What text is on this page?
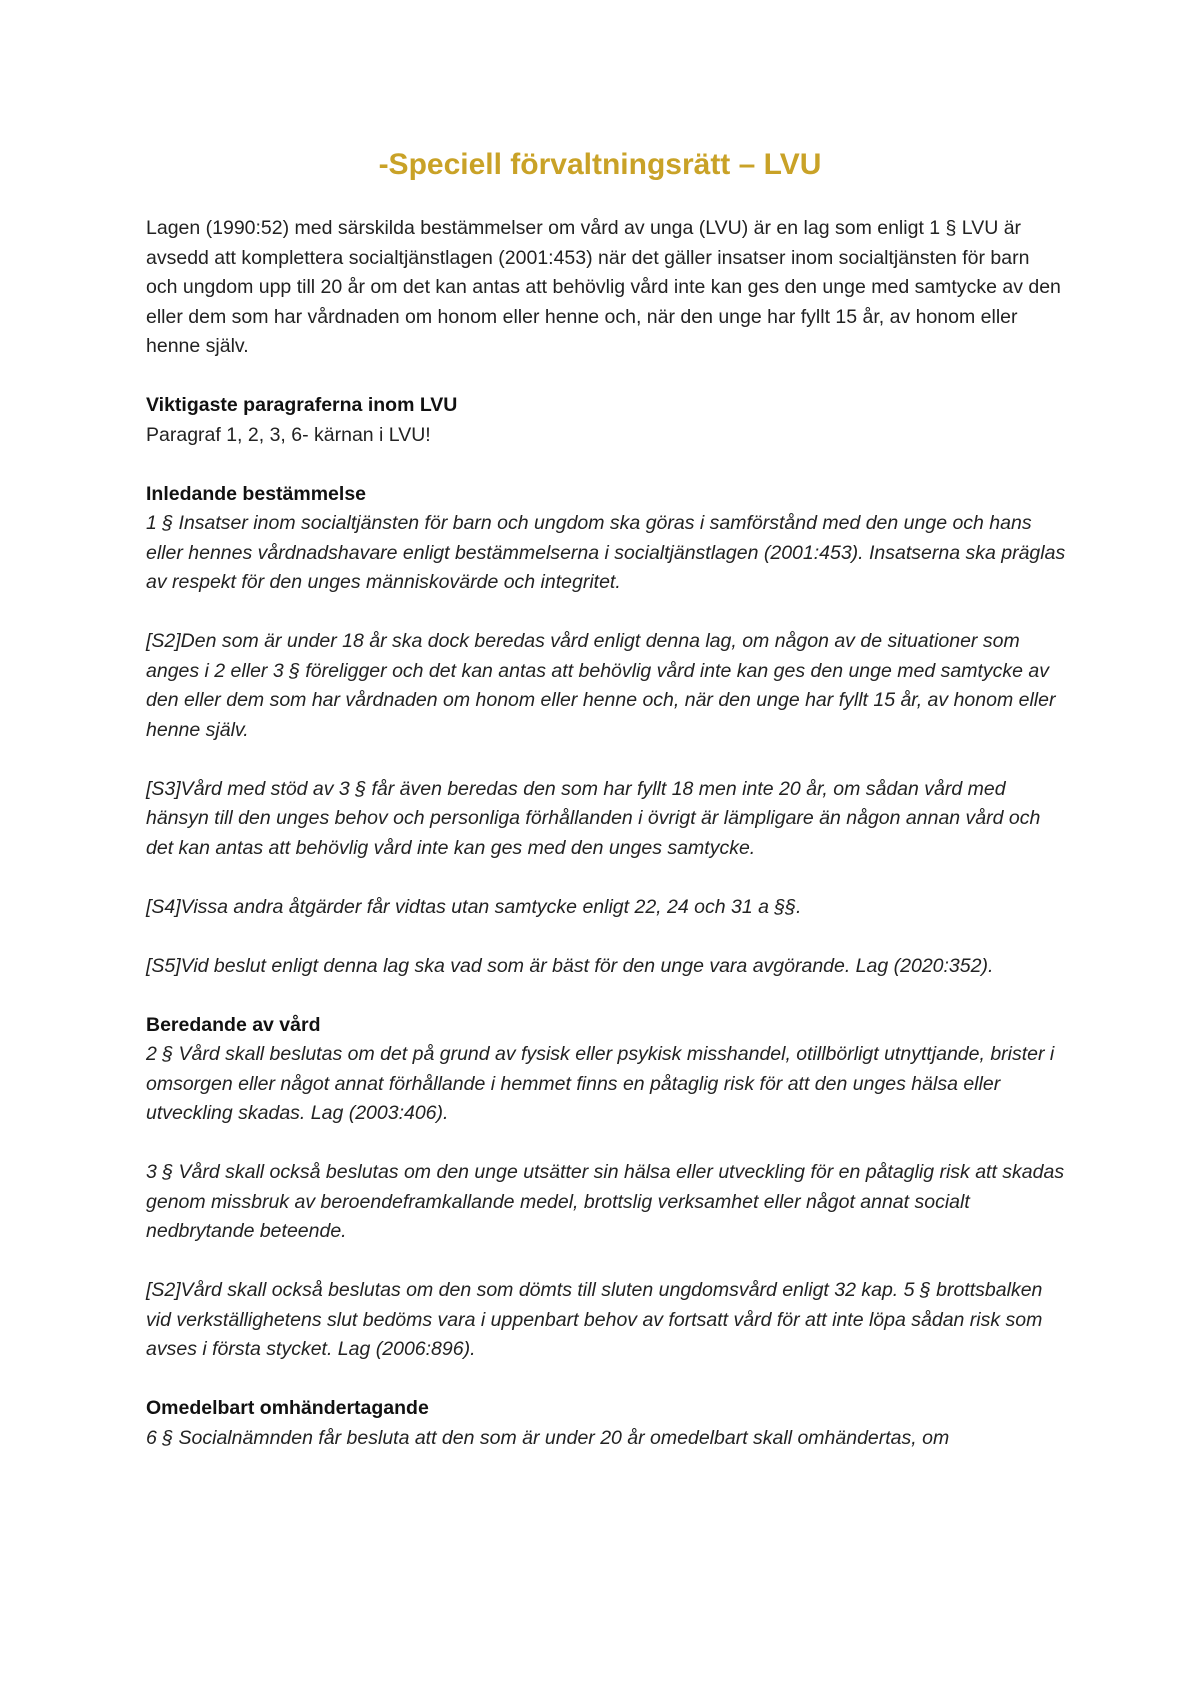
-Speciell förvaltningsrätt – LVU

Lagen (1990:52) med särskilda bestämmelser om vård av unga (LVU) är en lag som enligt 1 § LVU är avsedd att komplettera socialtjänstlagen (2001:453) när det gäller insatser inom socialtjänsten för barn och ungdom upp till 20 år om det kan antas att behövlig vård inte kan ges den unge med samtycke av den eller dem som har vårdnaden om honom eller henne och, när den unge har fyllt 15 år, av honom eller henne själv.

Viktigaste paragraferna inom LVU

Paragraf 1, 2, 3, 6- kärnan i LVU!

Inledande bestämmelse

1 § Insatser inom socialtjänsten för barn och ungdom ska göras i samförstånd med den unge och hans eller hennes vårdnadshavare enligt bestämmelserna i socialtjänstlagen (2001:453). Insatserna ska präglas av respekt för den unges människovärde och integritet.

[S2]Den som är under 18 år ska dock beredas vård enligt denna lag, om någon av de situationer som anges i 2 eller 3 § föreligger och det kan antas att behövlig vård inte kan ges den unge med samtycke av den eller dem som har vårdnaden om honom eller henne och, när den unge har fyllt 15 år, av honom eller henne själv.

[S3]Vård med stöd av 3 § får även beredas den som har fyllt 18 men inte 20 år, om sådan vård med hänsyn till den unges behov och personliga förhållanden i övrigt är lämpligare än någon annan vård och det kan antas att behövlig vård inte kan ges med den unges samtycke.

[S4]Vissa andra åtgärder får vidtas utan samtycke enligt 22, 24 och 31 a §§.

[S5]Vid beslut enligt denna lag ska vad som är bäst för den unge vara avgörande. Lag (2020:352).

Beredande av vård

2 § Vård skall beslutas om det på grund av fysisk eller psykisk misshandel, otillbörligt utnyttjande, brister i omsorgen eller något annat förhållande i hemmet finns en påtaglig risk för att den unges hälsa eller utveckling skadas. Lag (2003:406).

3 § Vård skall också beslutas om den unge utsätter sin hälsa eller utveckling för en påtaglig risk att skadas genom missbruk av beroendeframkallande medel, brottslig verksamhet eller något annat socialt nedbrytande beteende.

[S2]Vård skall också beslutas om den som dömts till sluten ungdomsvård enligt 32 kap. 5 § brottsbalken vid verkställighetens slut bedöms vara i uppenbart behov av fortsatt vård för att inte löpa sådan risk som avses i första stycket. Lag (2006:896).

Omedelbart omhändertagande

6 § Socialnämnden får besluta att den som är under 20 år omedelbart skall omhändertas, om
